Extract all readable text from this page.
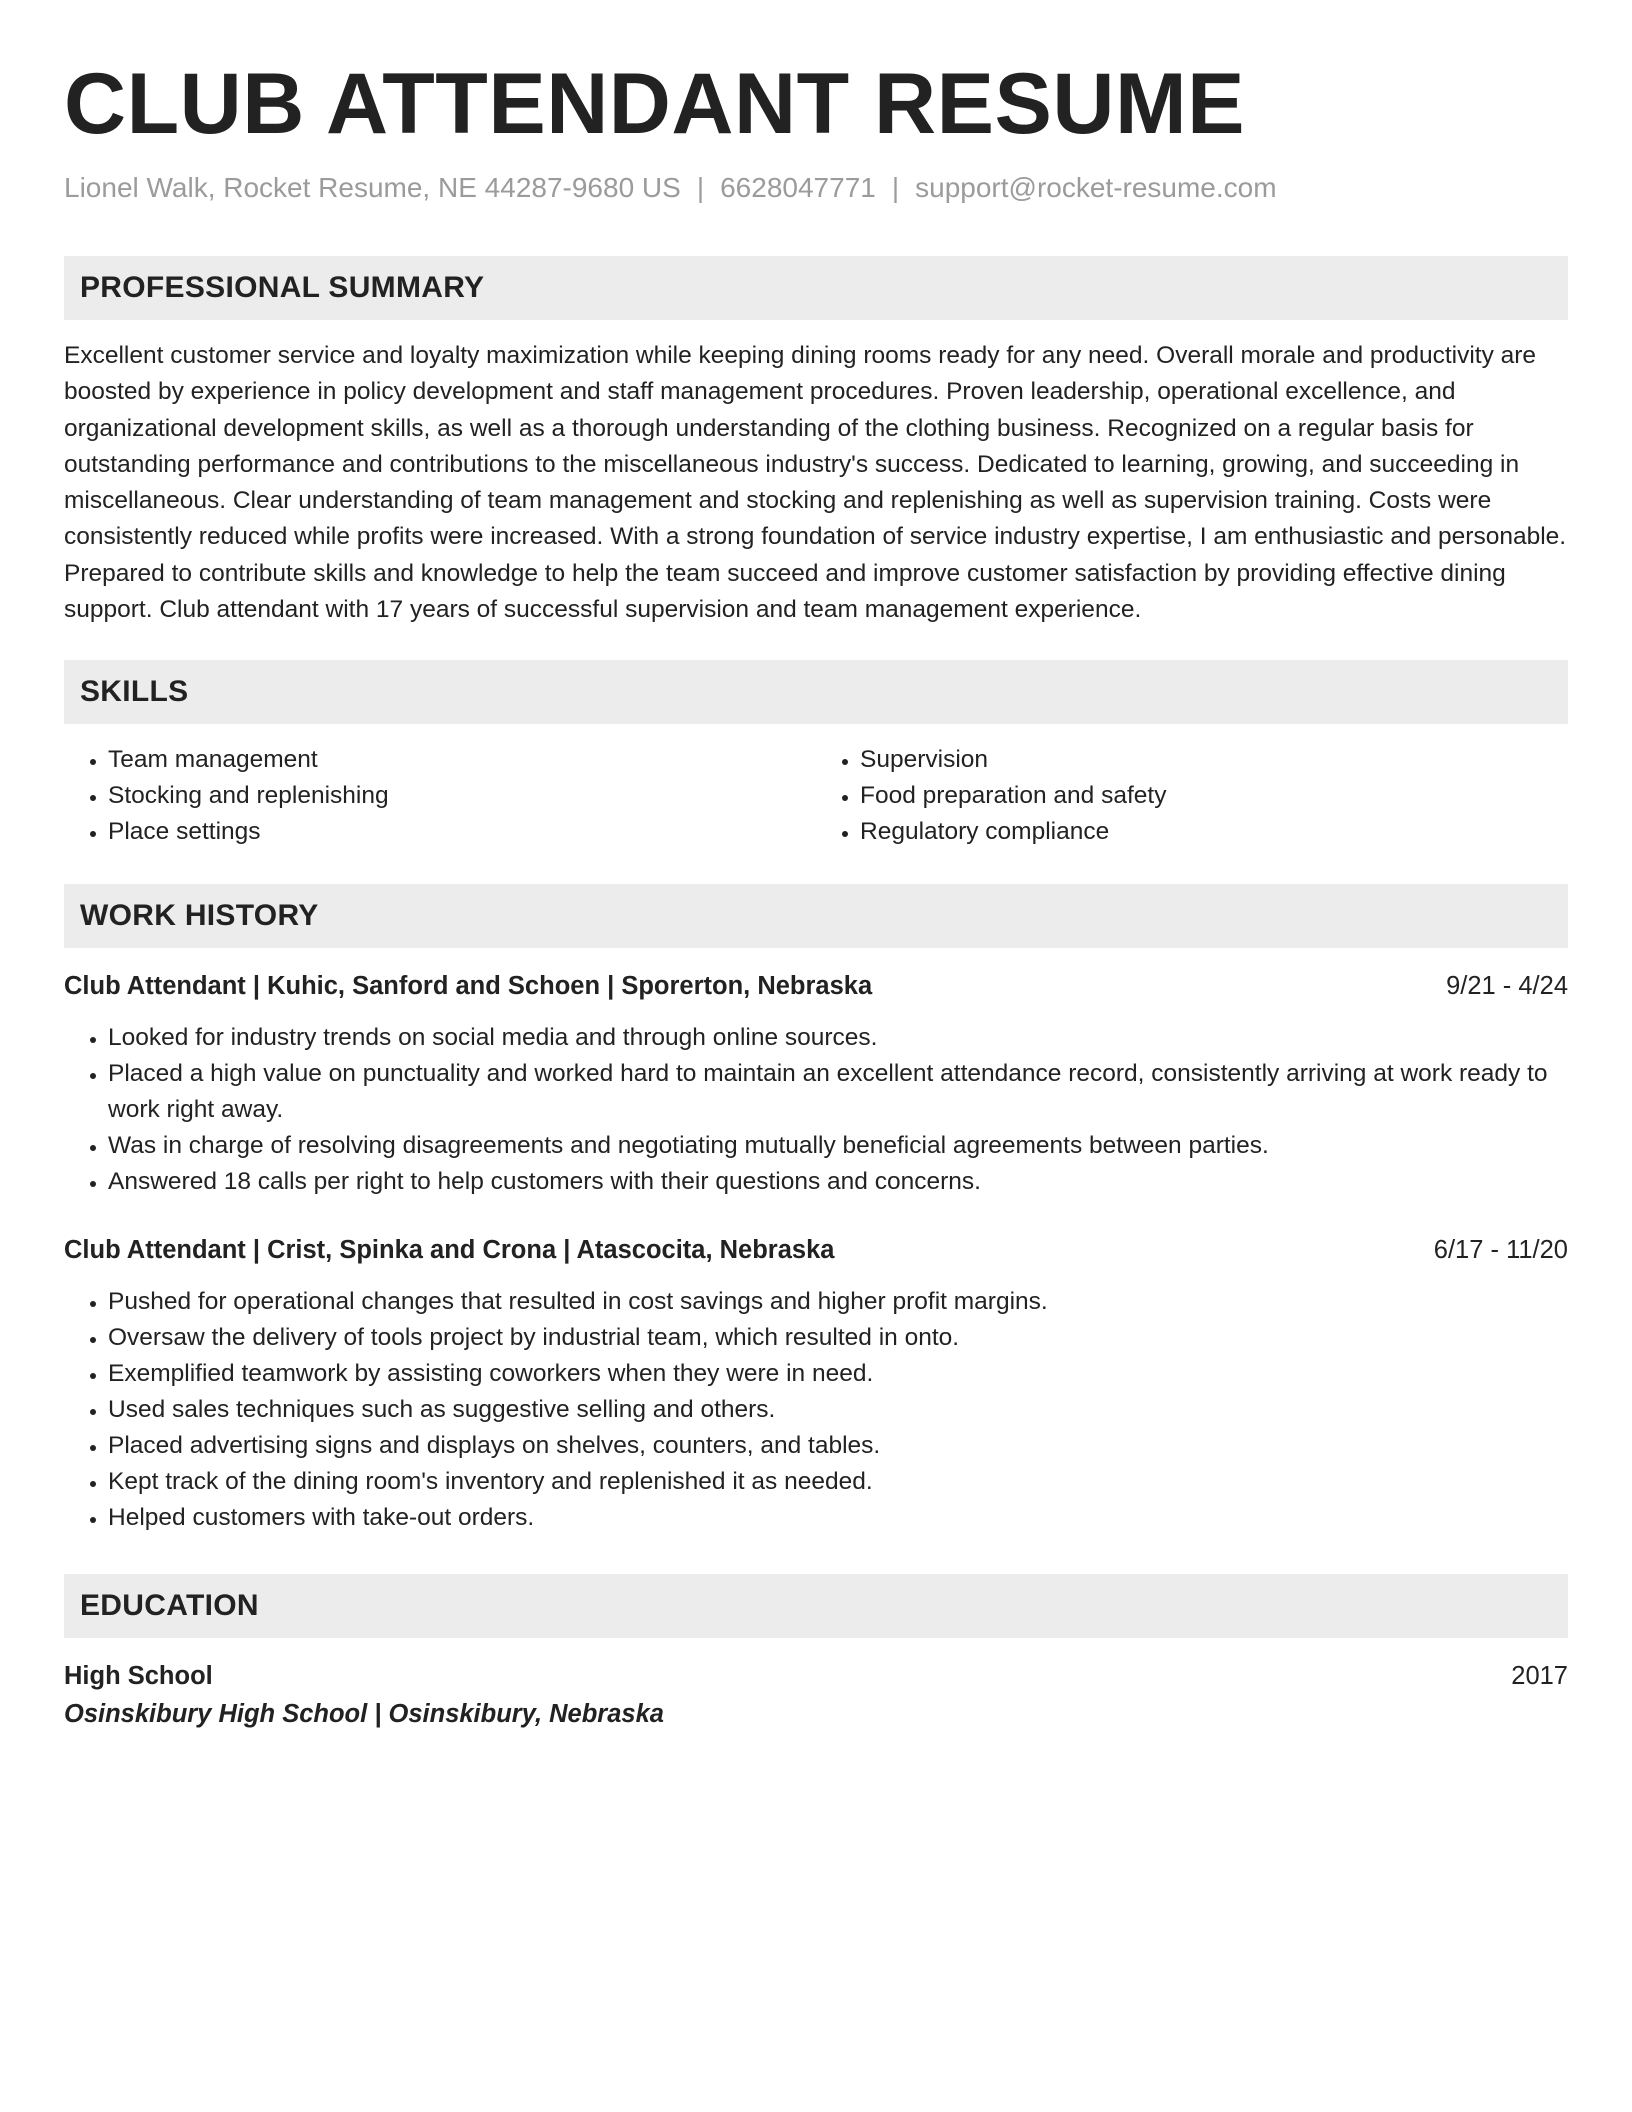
CLUB ATTENDANT RESUME
Lionel Walk, Rocket Resume, NE 44287-9680 US | 6628047771 | support@rocket-resume.com
PROFESSIONAL SUMMARY

Excellent customer service and loyalty maximization while keeping dining rooms ready for any need. Overall morale and productivity are boosted by experience in policy development and staff management procedures. Proven leadership, operational excellence, and organizational development skills, as well as a thorough understanding of the clothing business. Recognized on a regular basis for outstanding performance and contributions to the miscellaneous industry's success. Dedicated to learning, growing, and succeeding in miscellaneous. Clear understanding of team management and stocking and replenishing as well as supervision training. Costs were consistently reduced while profits were increased. With a strong foundation of service industry expertise, I am enthusiastic and personable. Prepared to contribute skills and knowledge to help the team succeed and improve customer satisfaction by providing effective dining support. Club attendant with 17 years of successful supervision and team management experience.

SKILLS
• Team management
• Stocking and replenishing
• Place settings
• Supervision
• Food preparation and safety
• Regulatory compliance
WORK HISTORY
Club Attendant | Kuhic, Sanford and Schoen | Sporerton, Nebraska	9/21 - 4/24
• Looked for industry trends on social media and through online sources.
• Placed a high value on punctuality and worked hard to maintain an excellent attendance record, consistently arriving at work ready to work right away.
• Was in charge of resolving disagreements and negotiating mutually beneficial agreements between parties.
• Answered 18 calls per right to help customers with their questions and concerns.
Club Attendant | Crist, Spinka and Crona | Atascocita, Nebraska	6/17 - 11/20
• Pushed for operational changes that resulted in cost savings and higher profit margins.
• Oversaw the delivery of tools project by industrial team, which resulted in onto.
• Exemplified teamwork by assisting coworkers when they were in need.
• Used sales techniques such as suggestive selling and others.
• Placed advertising signs and displays on shelves, counters, and tables.
• Kept track of the dining room's inventory and replenished it as needed.
• Helped customers with take-out orders.
EDUCATION
High School	2017
Osinskibury High School | Osinskibury, Nebraska
